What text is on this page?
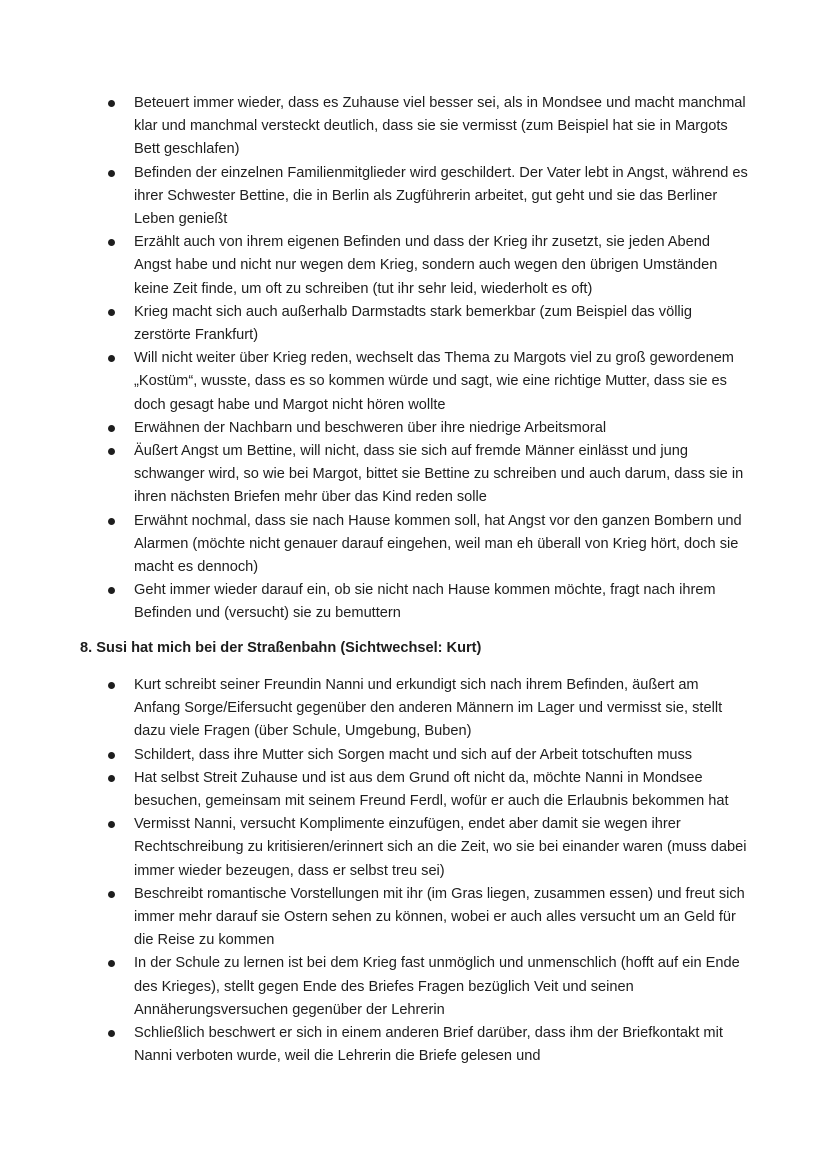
Beteuert immer wieder, dass es Zuhause viel besser sei, als in Mondsee und macht manchmal klar und manchmal versteckt deutlich, dass sie sie vermisst (zum Beispiel hat sie in Margots Bett geschlafen)
Befinden der einzelnen Familienmitglieder wird geschildert. Der Vater lebt in Angst, während es ihrer Schwester Bettine, die in Berlin als Zugführerin arbeitet, gut geht und sie das Berliner Leben genießt
Erzählt auch von ihrem eigenen Befinden und dass der Krieg ihr zusetzt, sie jeden Abend Angst habe und nicht nur wegen dem Krieg, sondern auch wegen den übrigen Umständen keine Zeit finde, um oft zu schreiben (tut ihr sehr leid, wiederholt es oft)
Krieg macht sich auch außerhalb Darmstadts stark bemerkbar (zum Beispiel das völlig zerstörte Frankfurt)
Will nicht weiter über Krieg reden, wechselt das Thema zu Margots viel zu groß gewordenem „Kostüm“, wusste, dass es so kommen würde und sagt, wie eine richtige Mutter, dass sie es doch gesagt habe und Margot nicht hören wollte
Erwähnen der Nachbarn und beschweren über ihre niedrige Arbeitsmoral
Äußert Angst um Bettine, will nicht, dass sie sich auf fremde Männer einlässt und jung schwanger wird, so wie bei Margot, bittet sie Bettine zu schreiben und auch darum, dass sie in ihren nächsten Briefen mehr über das Kind reden solle
Erwähnt nochmal, dass sie nach Hause kommen soll, hat Angst vor den ganzen Bombern und Alarmen (möchte nicht genauer darauf eingehen, weil man eh überall von Krieg hört, doch sie macht es dennoch)
Geht immer wieder darauf ein, ob sie nicht nach Hause kommen möchte, fragt nach ihrem Befinden und (versucht) sie zu bemuttern
8. Susi hat mich bei der Straßenbahn (Sichtwechsel: Kurt)
Kurt schreibt seiner Freundin Nanni und erkundigt sich nach ihrem Befinden, äußert am Anfang Sorge/Eifersucht gegenüber den anderen Männern im Lager und vermisst sie, stellt dazu viele Fragen (über Schule, Umgebung, Buben)
Schildert, dass ihre Mutter sich Sorgen macht und sich auf der Arbeit totschuften muss
Hat selbst Streit Zuhause und ist aus dem Grund oft nicht da, möchte Nanni in Mondsee besuchen, gemeinsam mit seinem Freund Ferdl, wofür er auch die Erlaubnis bekommen hat
Vermisst Nanni, versucht Komplimente einzufügen, endet aber damit sie wegen ihrer Rechtschreibung zu kritisieren/erinnert sich an die Zeit, wo sie bei einander waren (muss dabei immer wieder bezeugen, dass er selbst treu sei)
Beschreibt romantische Vorstellungen mit ihr (im Gras liegen, zusammen essen) und freut sich immer mehr darauf sie Ostern sehen zu können, wobei er auch alles versucht um an Geld für die Reise zu kommen
In der Schule zu lernen ist bei dem Krieg fast unmöglich und unmenschlich (hofft auf ein Ende des Krieges), stellt gegen Ende des Briefes Fragen bezüglich Veit und seinen Annäherungsversuchen gegenüber der Lehrerin
Schließlich beschwert er sich in einem anderen Brief darüber, dass ihm der Briefkontakt mit Nanni verboten wurde, weil die Lehrerin die Briefe gelesen und
